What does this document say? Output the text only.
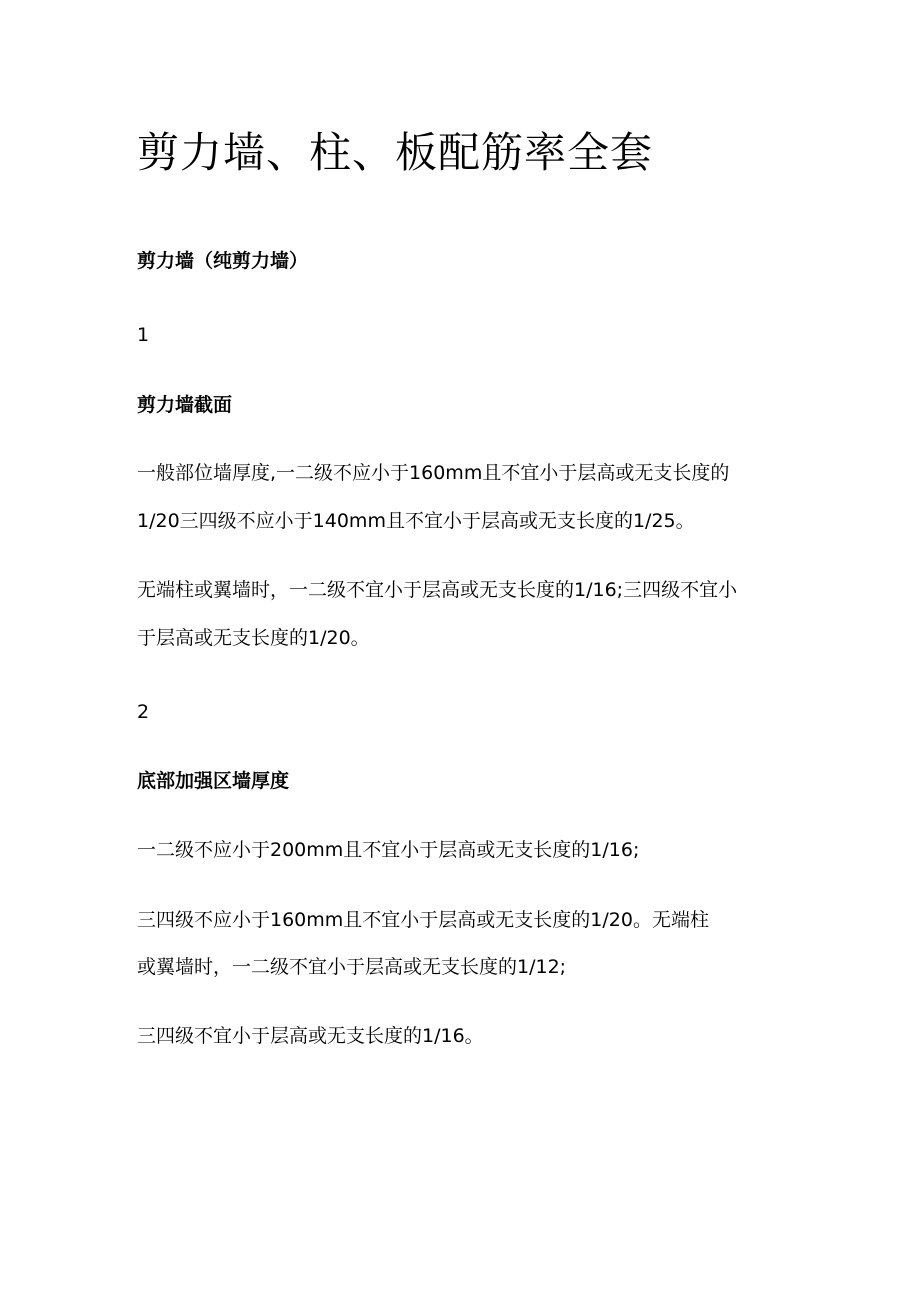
剪力墙、柱、板配筋率全套
剪力墙（纯剪力墙）
1
剪力墙截面
一般部位墙厚度,一二级不应小于160mm且不宜小于层高或无支长度的
1/20三四级不应小于140mm且不宜小于层高或无支长度的1/25。
无端柱或翼墙时，一二级不宜小于层高或无支长度的1/16;三四级不宜小
于层高或无支长度的1/20。
2
底部加强区墙厚度
一二级不应小于200mm且不宜小于层高或无支长度的1/16;
三四级不应小于160mm且不宜小于层高或无支长度的1/20。无端柱
或翼墙时，一二级不宜小于层高或无支长度的1/12;
三四级不宜小于层高或无支长度的1/16。
